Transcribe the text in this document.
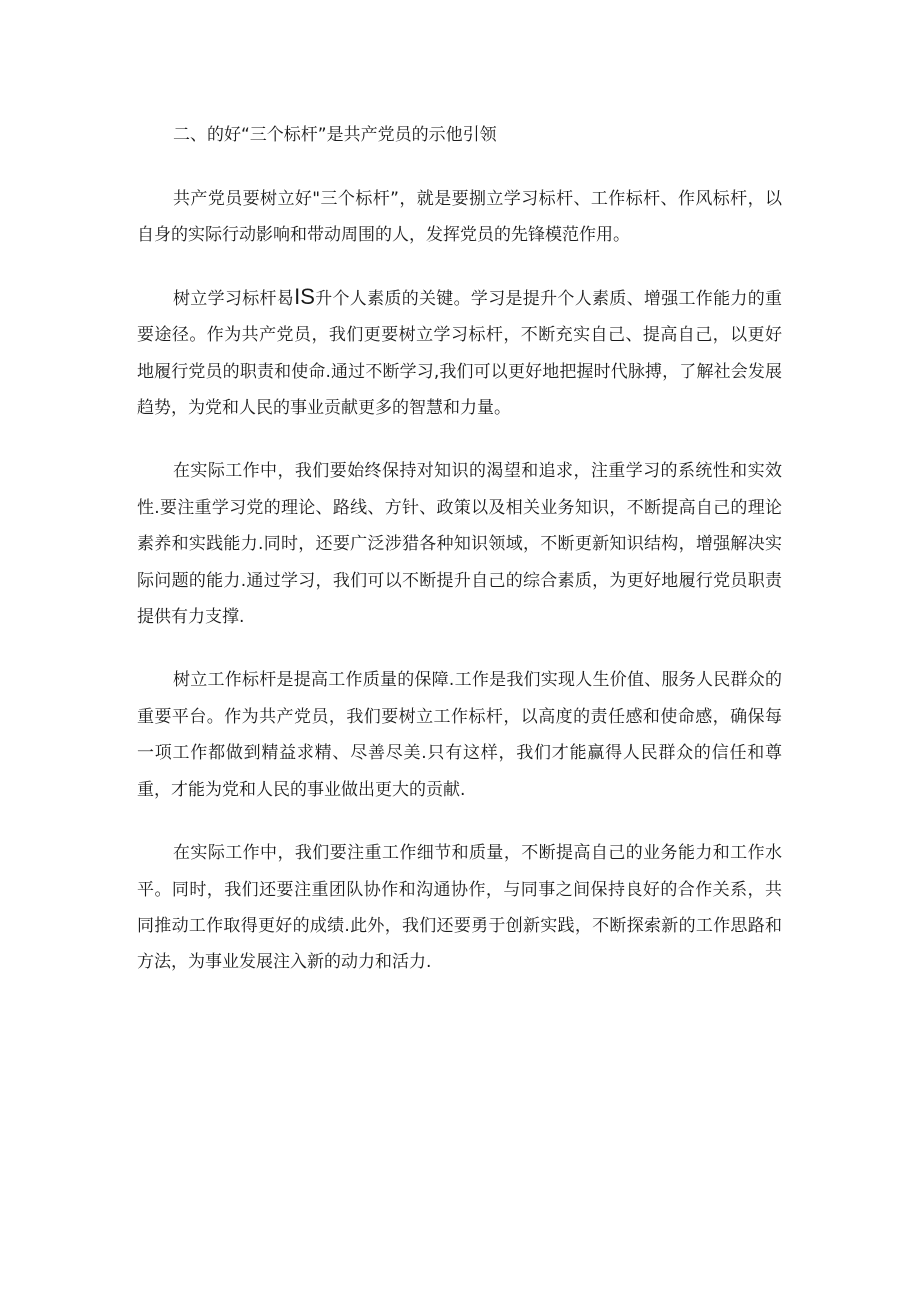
二、的好“三个标杆”是共产党员的示他引领

共产党员要树立好"三个标杆”，就是要捌立学习标杆、工作标杆、作风标杆，以自身的实际行动影响和带动周围的人，发挥党员的先锋模范作用。

树立学习标杆曷IS升个人素质的关键。学习是提升个人素质、增强工作能力的重要途径。作为共产党员，我们更要树立学习标杆，不断充实自己、提高自己，以更好地履行党员的职责和使命.通过不断学习,我们可以更好地把握时代脉搏，了解社会发展趋势，为党和人民的事业贡献更多的智慧和力量。

在实际工作中，我们要始终保持对知识的渴望和追求，注重学习的系统性和实效性.要注重学习党的理论、路线、方针、政策以及相关业务知识，不断提高自己的理论素养和实践能力.同时，还要广泛涉猎各种知识领域，不断更新知识结构，增强解决实际问题的能力.通过学习，我们可以不断提升自己的综合素质，为更好地履行党员职责提供有力支撑.

树立工作标杆是提高工作质量的保障.工作是我们实现人生价值、服务人民群众的重要平台。作为共产党员，我们要树立工作标杆，以高度的责任感和使命感，确保每一项工作都做到精益求精、尽善尽美.只有这样，我们才能赢得人民群众的信任和尊重，才能为党和人民的事业做出更大的贡献.

在实际工作中，我们要注重工作细节和质量，不断提高自己的业务能力和工作水平。同时，我们还要注重团队协作和沟通协作，与同事之间保持良好的合作关系，共同推动工作取得更好的成绩.此外，我们还要勇于创新实践，不断探索新的工作思路和方法，为事业发展注入新的动力和活力.
